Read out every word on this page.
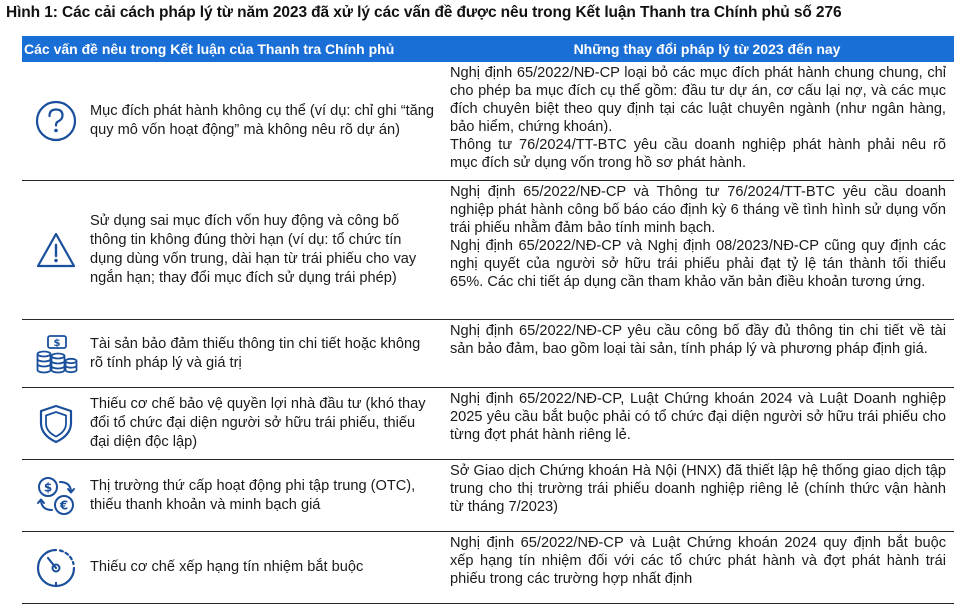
Hình 1: Các cải cách pháp lý từ năm 2023 đã xử lý các vấn đề được nêu trong Kết luận Thanh tra Chính phủ số 276
Các vấn đề nêu trong Kết luận của Thanh tra Chính phủ	Những thay đổi pháp lý từ 2023 đến nay
Mục đích phát hành không cụ thể (ví dụ: chỉ ghi “tăng quy mô vốn hoạt động” mà không nêu rõ dự án)

Nghị định 65/2022/NĐ-CP loại bỏ các mục đích phát hành chung chung, chỉ cho phép ba mục đích cụ thể gồm: đầu tư dự án, cơ cấu lại nợ, và các mục đích chuyên biệt theo quy định tại các luật chuyên ngành (như ngân hàng, bảo hiểm, chứng khoán).

Thông tư 76/2024/TT-BTC yêu cầu doanh nghiệp phát hành phải nêu rõ mục đích sử dụng vốn trong hồ sơ phát hành.

Sử dụng sai mục đích vốn huy động và công bố thông tin không đúng thời hạn (ví dụ: tổ chức tín dụng dùng vốn trung, dài hạn từ trái phiếu cho vay ngắn hạn; thay đổi mục đích sử dụng trái phép)

Nghị định 65/2022/NĐ-CP và Thông tư 76/2024/TT-BTC yêu cầu doanh nghiệp phát hành công bố báo cáo định kỳ 6 tháng về tình hình sử dụng vốn trái phiếu nhằm đảm bảo tính minh bạch.

Nghị định 65/2022/NĐ-CP và Nghị định 08/2023/NĐ-CP cũng quy định các nghị quyết của người sở hữu trái phiếu phải đạt tỷ lệ tán thành tối thiểu 65%. Các chi tiết áp dụng cần tham khảo văn bản điều khoản tương ứng.

$ Tài sản bảo đảm thiếu thông tin chi tiết hoặc không rõ tính pháp lý và giá trị

Nghị định 65/2022/NĐ-CP yêu cầu công bố đầy đủ thông tin chi tiết về tài sản bảo đảm, bao gồm loại tài sản, tính pháp lý và phương pháp định giá.

Thiếu cơ chế bảo vệ quyền lợi nhà đầu tư (khó thay đổi tổ chức đại diện người sở hữu trái phiếu, thiếu đại diện độc lập)

Nghị định 65/2022/NĐ-CP, Luật Chứng khoán 2024 và Luật Doanh nghiệp 2025 yêu cầu bắt buộc phải có tổ chức đại diện người sở hữu trái phiếu cho từng đợt phát hành riêng lẻ.

$
€
Thị trường thứ cấp hoạt động phi tập trung (OTC), thiếu thanh khoản và minh bạch giá

Sở Giao dịch Chứng khoán Hà Nội (HNX) đã thiết lập hệ thống giao dịch tập trung cho thị trường trái phiếu doanh nghiệp riêng lẻ (chính thức vận hành từ tháng 7/2023)

Thiếu cơ chế xếp hạng tín nhiệm bắt buộc

Nghị định 65/2022/NĐ-CP và Luật Chứng khoán 2024 quy định bắt buộc xếp hạng tín nhiệm đối với các tổ chức phát hành và đợt phát hành trái phiếu trong các trường hợp nhất định
